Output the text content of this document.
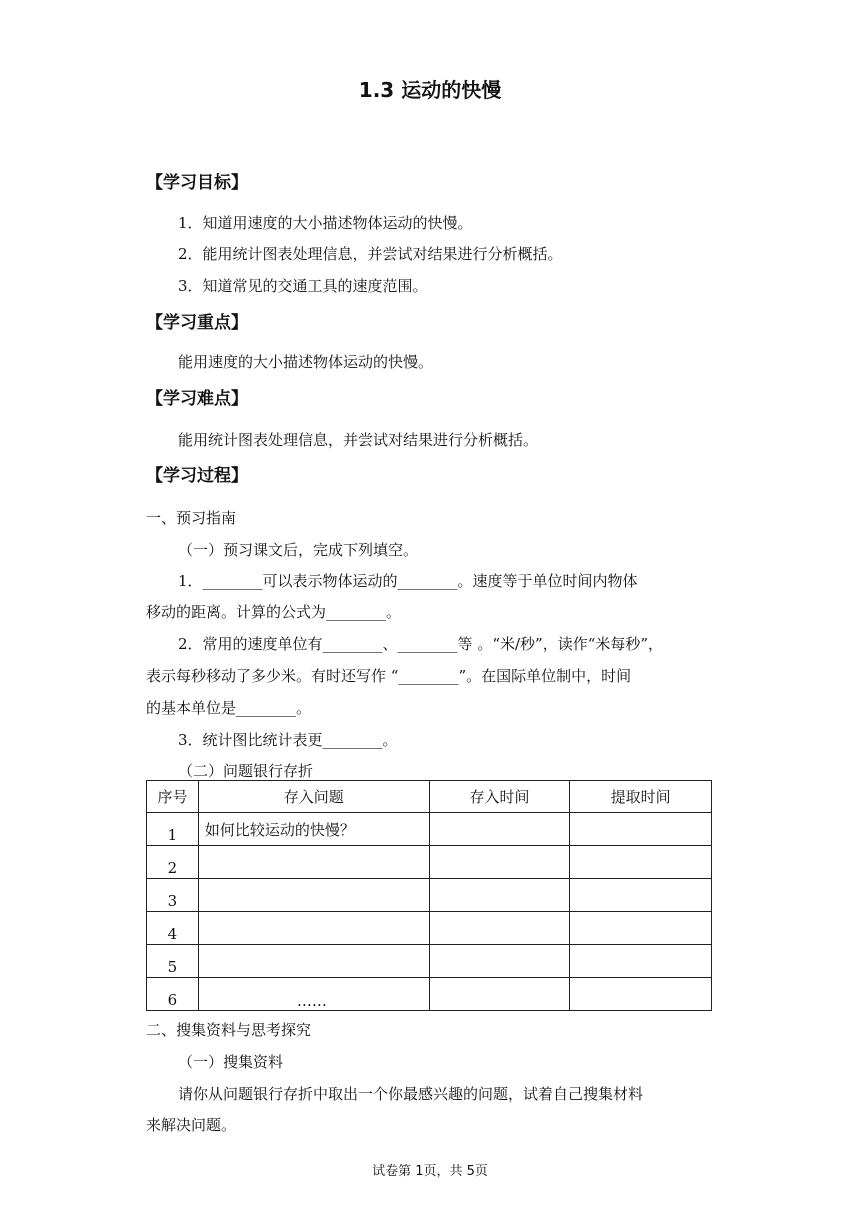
1.3 运动的快慢
【学习目标】
1．知道用速度的大小描述物体运动的快慢。
2．能用统计图表处理信息，并尝试对结果进行分析概括。
3．知道常见的交通工具的速度范围。
【学习重点】
能用速度的大小描述物体运动的快慢。
【学习难点】
能用统计图表处理信息，并尝试对结果进行分析概括。
【学习过程】
一、预习指南
（一）预习课文后，完成下列填空。
1．________可以表示物体运动的________。速度等于单位时间内物体
移动的距离。计算的公式为________。
2．常用的速度单位有________、________等 。“米/秒”，读作“米每秒”，
表示每秒移动了多少米。有时还写作 “________”。在国际单位制中，时间
的基本单位是________。
3．统计图比统计表更________。
（二）问题银行存折
序号	存入问题	存入时间	提取时间
1	如何比较运动的快慢？		
2			
3			
4			
5			
6	……		
二、搜集资料与思考探究
（一）搜集资料
请你从问题银行存折中取出一个你最感兴趣的问题，试着自己搜集材料
来解决问题。
试卷第 1页，共 5页
